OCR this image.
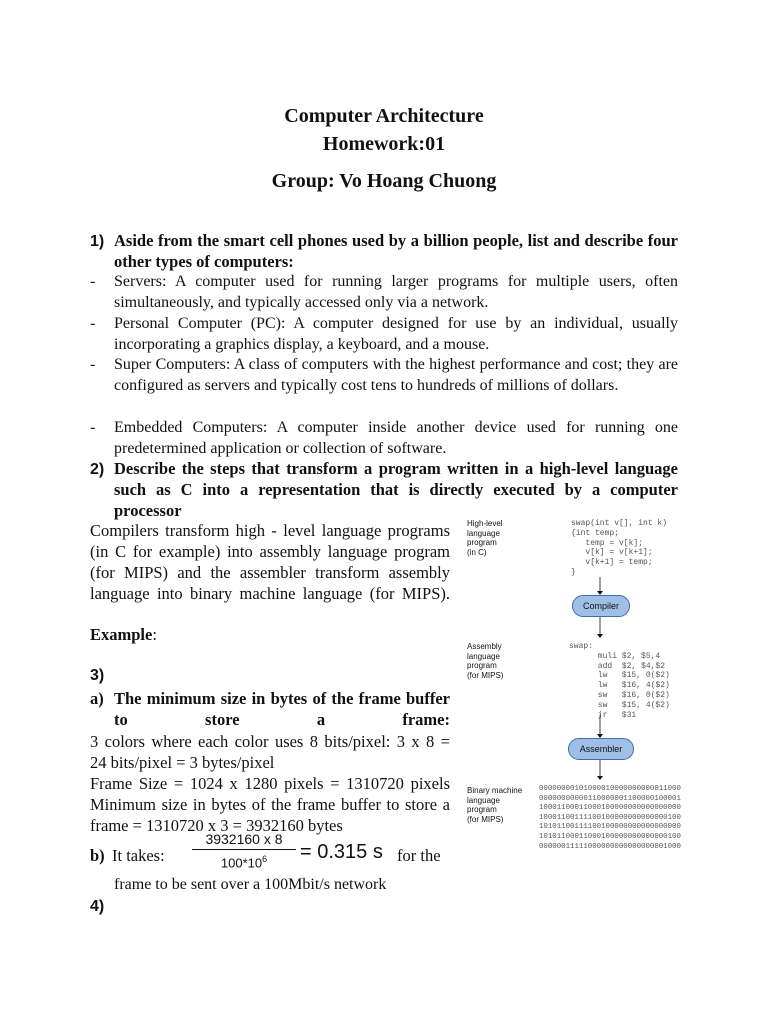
Computer Architecture
Homework:01
Group: Vo Hoang Chuong
1) Aside from the smart cell phones used by a billion people, list and describe four other types of computers:
- Servers: A computer used for running larger programs for multiple users, often simultaneously, and typically accessed only via a network.
- Personal Computer (PC): A computer designed for use by an individual, usually incorporating a graphics display, a keyboard, and a mouse.
- Super Computers: A class of computers with the highest performance and cost; they are configured as servers and typically cost tens to hundreds of millions of dollars.
- Embedded Computers: A computer inside another device used for running one predetermined application or collection of software.
2) Describe the steps that transform a program written in a high-level language such as C into a representation that is directly executed by a computer processor
Compilers transform high - level language programs (in C for example) into assembly language program (for MIPS) and the assembler transform assembly language into binary machine language (for MIPS).
Example:
High-level
language
program
(in C)
swap(int v[], int k)
{int temp;
temp = v[k];
v[k] = v[k+1];
v[k+1] = temp;
}
Compiler
Assembly
language
program
(for MIPS)
swap:
muli $2, $5,4
add  $2, $4,$2
lw   $15, 0($2)
lw   $16, 4($2)
sw   $16, 0($2)
sw   $15, 4($2)
jr   $31
Assembler
Binary machine
language
program
(for MIPS)
00000000101000010000000000011000
00000000000110000001100000100001
10001100011000100000000000000000
10001100111100100000000000000100
10101100111100100000000000000000
10101100011000100000000000000100
00000011111000000000000000001000
3)
a) The minimum size in bytes of the frame buffer to store a frame:
3 colors where each color uses 8 bits/pixel: 3 x 8 =
24 bits/pixel = 3 bytes/pixel
Frame Size = 1024 x 1280 pixels = 1310720 pixels
Minimum size in bytes of the frame buffer to store a
frame = 1310720 x 3 = 3932160 bytes
b) It takes:
3932160 x 8
$100*10^6$	= 0.315 s for the
frame to be sent over a 100Mbit/s network
4)
